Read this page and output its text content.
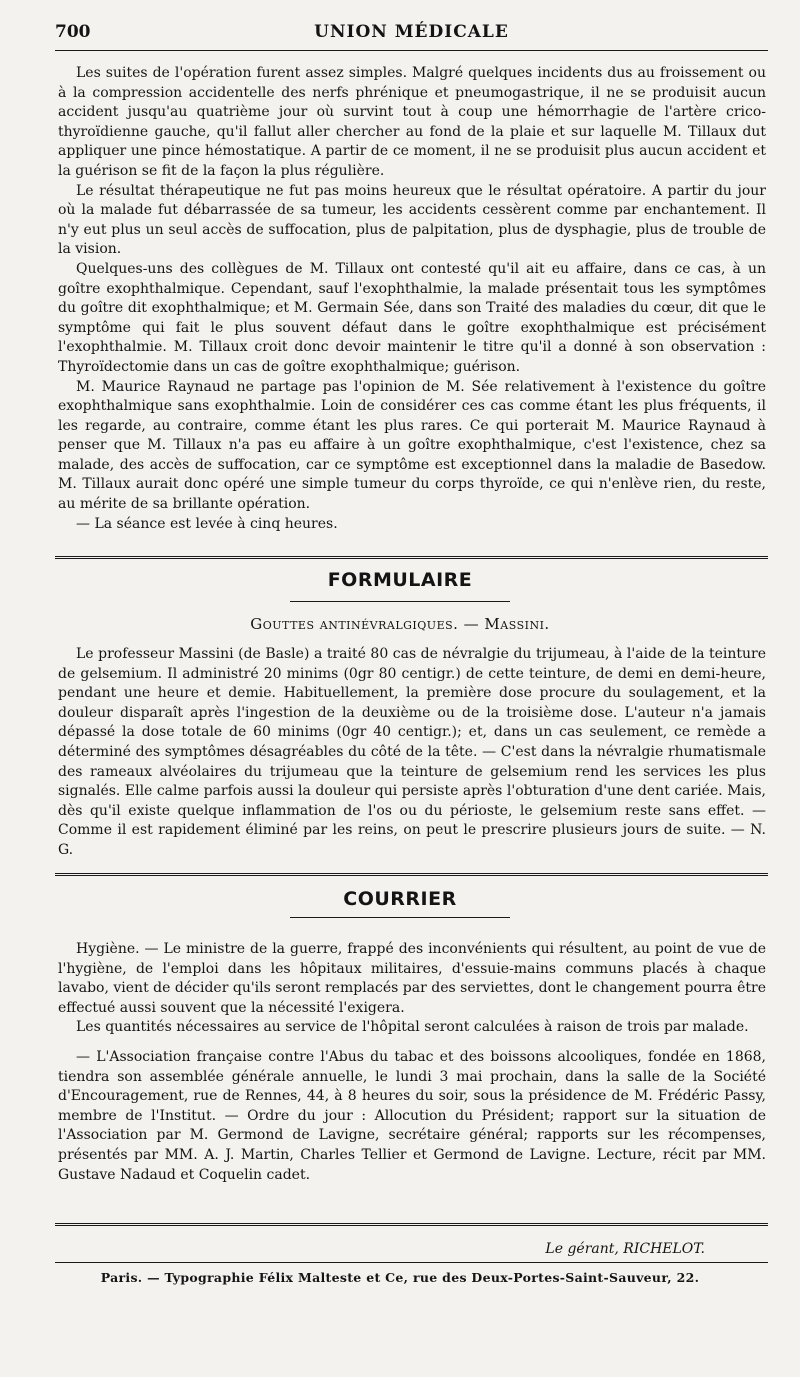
700	UNION MÉDICALE

Les suites de l'opération furent assez simples. Malgré quelques incidents dus au froissement ou à la compression accidentelle des nerfs phrénique et pneumogastrique, il ne se produisit aucun accident jusqu'au quatrième jour où survint tout à coup une hémorrhagie de l'artère crico-thyroïdienne gauche, qu'il fallut aller chercher au fond de la plaie et sur laquelle M. Tillaux dut appliquer une pince hémostatique. A partir de ce moment, il ne se produisit plus aucun accident et la guérison se fit de la façon la plus régulière.

Le résultat thérapeutique ne fut pas moins heureux que le résultat opératoire. A partir du jour où la malade fut débarrassée de sa tumeur, les accidents cessèrent comme par enchantement. Il n'y eut plus un seul accès de suffocation, plus de palpitation, plus de dysphagie, plus de trouble de la vision.

Quelques-uns des collègues de M. Tillaux ont contesté qu'il ait eu affaire, dans ce cas, à un goître exophthalmique. Cependant, sauf l'exophthalmie, la malade présentait tous les symptômes du goître dit exophthalmique; et M. Germain Sée, dans son Traité des maladies du cœur, dit que le symptôme qui fait le plus souvent défaut dans le goître exophthalmique est précisément l'exophthalmie. M. Tillaux croit donc devoir maintenir le titre qu'il a donné à son observation : Thyroïdectomie dans un cas de goître exophthalmique; guérison.

M. Maurice Raynaud ne partage pas l'opinion de M. Sée relativement à l'existence du goître exophthalmique sans exophthalmie. Loin de considérer ces cas comme étant les plus fréquents, il les regarde, au contraire, comme étant les plus rares. Ce qui porterait M. Maurice Raynaud à penser que M. Tillaux n'a pas eu affaire à un goître exophthalmique, c'est l'existence, chez sa malade, des accès de suffocation, car ce symptôme est exceptionnel dans la maladie de Basedow. M. Tillaux aurait donc opéré une simple tumeur du corps thyroïde, ce qui n'enlève rien, du reste, au mérite de sa brillante opération.

— La séance est levée à cinq heures.

FORMULAIRE
Gouttes antinévralgiques. — Massini.

Le professeur Massini (de Basle) a traité 80 cas de névralgie du trijumeau, à l'aide de la teinture de gelsemium. Il administré 20 minims (0gr 80 centigr.) de cette teinture, de demi en demi-heure, pendant une heure et demie. Habituellement, la première dose procure du soulagement, et la douleur disparaît après l'ingestion de la deuxième ou de la troisième dose. L'auteur n'a jamais dépassé la dose totale de 60 minims (0gr 40 centigr.); et, dans un cas seulement, ce remède a déterminé des symptômes désagréables du côté de la tête. — C'est dans la névralgie rhumatismale des rameaux alvéolaires du trijumeau que la teinture de gelsemium rend les services les plus signalés. Elle calme parfois aussi la douleur qui persiste après l'obturation d'une dent cariée. Mais, dès qu'il existe quelque inflammation de l'os ou du périoste, le gelsemium reste sans effet. — Comme il est rapidement éliminé par les reins, on peut le prescrire plusieurs jours de suite. — N. G.

COURRIER

Hygiène. — Le ministre de la guerre, frappé des inconvénients qui résultent, au point de vue de l'hygiène, de l'emploi dans les hôpitaux militaires, d'essuie-mains communs placés à chaque lavabo, vient de décider qu'ils seront remplacés par des serviettes, dont le changement pourra être effectué aussi souvent que la nécessité l'exigera.

Les quantités nécessaires au service de l'hôpital seront calculées à raison de trois par malade.

— L'Association française contre l'Abus du tabac et des boissons alcooliques, fondée en 1868, tiendra son assemblée générale annuelle, le lundi 3 mai prochain, dans la salle de la Société d'Encouragement, rue de Rennes, 44, à 8 heures du soir, sous la présidence de M. Frédéric Passy, membre de l'Institut. — Ordre du jour : Allocution du Président; rapport sur la situation de l'Association par M. Germond de Lavigne, secrétaire général; rapports sur les récompenses, présentés par MM. A. J. Martin, Charles Tellier et Germond de Lavigne. Lecture, récit par MM. Gustave Nadaud et Coquelin cadet.

Le gérant, RICHELOT.
Paris. — Typographie Félix Malteste et Ce, rue des Deux-Portes-Saint-Sauveur, 22.
